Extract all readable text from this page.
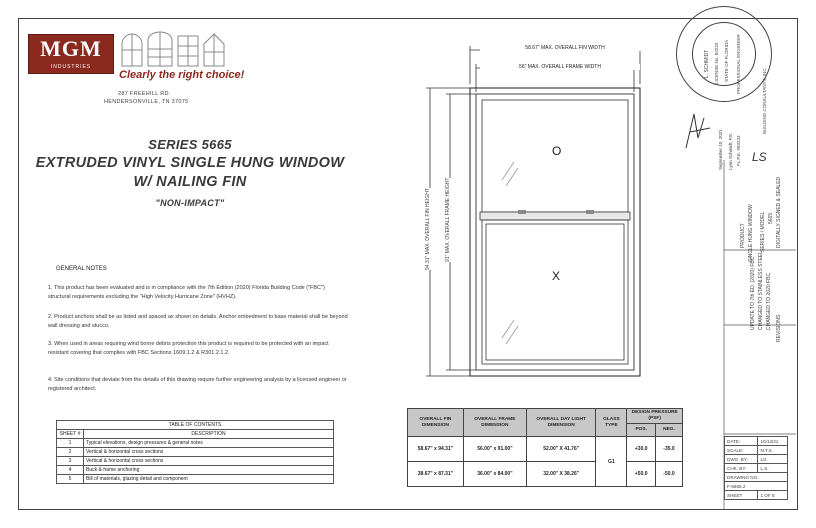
MGM
INDUSTRIES
Clearly the right choice!
287 FREEHILL RD.
HENDERSONVILLE, TN 37075
SERIES 5665
EXTRUDED VINYL SINGLE HUNG WINDOW
W/ NAILING FIN
"NON-IMPACT"
GENERAL NOTES
1. This product has been evaluated and is in compliance with the 7th Edition (2020) Florida Building Code ("FBC") structural requirements excluding the "High Velocity Hurricane Zone" (HVHZ).
2. Product anchors shall be as listed and spaced as shown on details. Anchor embedment to base material shall be beyond wall dressing and stucco.
3. When used in areas requiring wind borne debris protection this product is required to be protected with an impact resistant covering that complies with FBC Sections 1609.1.2 & R301.2.1.2.
4. Site conditions that deviate from the details of this drawing require further engineering analysis by a licensed engineer or registered architect.
TABLE OF CONTENTS	
SHEET #	DESCRIPTION
1	Typical elevations, design pressures & general notes
2	Vertical & horizontal cross sections
3	Vertical & horizontal cross sections
4	Buck & frame anchoring
5	Bill of materials, glazing detail and component
58.67" MAX. OVERALL FIN WIDTH
56" MAX. OVERALL FRAME WIDTH
94.31" MAX. OVERALL FIN HEIGHT	91" MAX. OVERALL FRAME HEIGHT
O
X
OVERALL FIN DIMENSION	OVERALL FRAME DIMENSION	OVERALL DAY LIGHT DIMENSION	GLASS TYPE	DESIGN PRESSURE (PSF)	
				POS.	NEG.
58.67" x 94.31"	56.00" x 91.00"	52.00" X 41.76"	G1	+30.0	-35.0
38.67" x 87.31"	36.00" x 84.00"	32.00" X 38.26"		+50.0	-50.0
L. SCHMIDT LICENSE No. 83233 STATE OF FLORIDA PROFESSIONAL ENGINEER
September 10, 2021 Lynn Schmidt, P.E. FL P.E. #83233
BUILDING CONSULTANTS, INC.
LS
PRODUCT SINGLE HUNG WINDOW SERIES / MODEL 5665 DIGITALLY SIGNED & SEALED
UPDATE TO 7th ED. (2020) FBC CHANGED TO STAINLESS STEEL CHANGED TO 2020 FBC REVISIONS
DATE:	10/14/21
SCALE:	N.T.S.
DWG. BY:	LG
CHK. BY:	L.S.
DRAWING NO.	
F-5665.2	
SHEET	1 OF 5
